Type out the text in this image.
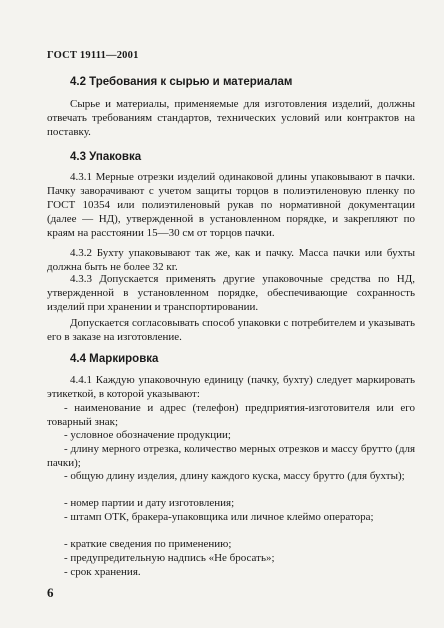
ГОСТ 19111—2001
4.2 Требования к сырью и материалам
Сырье и материалы, применяемые для изготовления изделий, должны отвечать требованиям стандартов, технических условий или контрактов на поставку.
4.3 Упаковка
4.3.1 Мерные отрезки изделий одинаковой длины упаковывают в пачки. Пачку заворачивают с учетом защиты торцов в полиэтиленовую пленку по ГОСТ 10354 или полиэтиленовый рукав по нормативной документации (далее — НД), утвержденной в установленном порядке, и закрепляют по краям на расстоянии 15—30 см от торцов пачки.
4.3.2 Бухту упаковывают так же, как и пачку. Масса пачки или бухты должна быть не более 32 кг.
4.3.3 Допускается применять другие упаковочные средства по НД, утвержденной в установленном порядке, обеспечивающие сохранность изделий при хранении и транспортировании.
Допускается согласовывать способ упаковки с потребителем и указывать его в заказе на изготовление.
4.4 Маркировка
4.4.1 Каждую упаковочную единицу (пачку, бухту) следует маркировать этикеткой, в которой указывают:
- наименование и адрес (телефон) предприятия-изготовителя или его товарный знак;
- условное обозначение продукции;
- длину мерного отрезка, количество мерных отрезков и массу брутто (для пачки);
- общую длину изделия, длину каждого куска, массу брутто (для бухты);
- номер партии и дату изготовления;
- штамп ОТК, бракера-упаковщика или личное клеймо оператора;
- краткие сведения по применению;
- предупредительную надпись «Не бросать»;
- срок хранения.
6
